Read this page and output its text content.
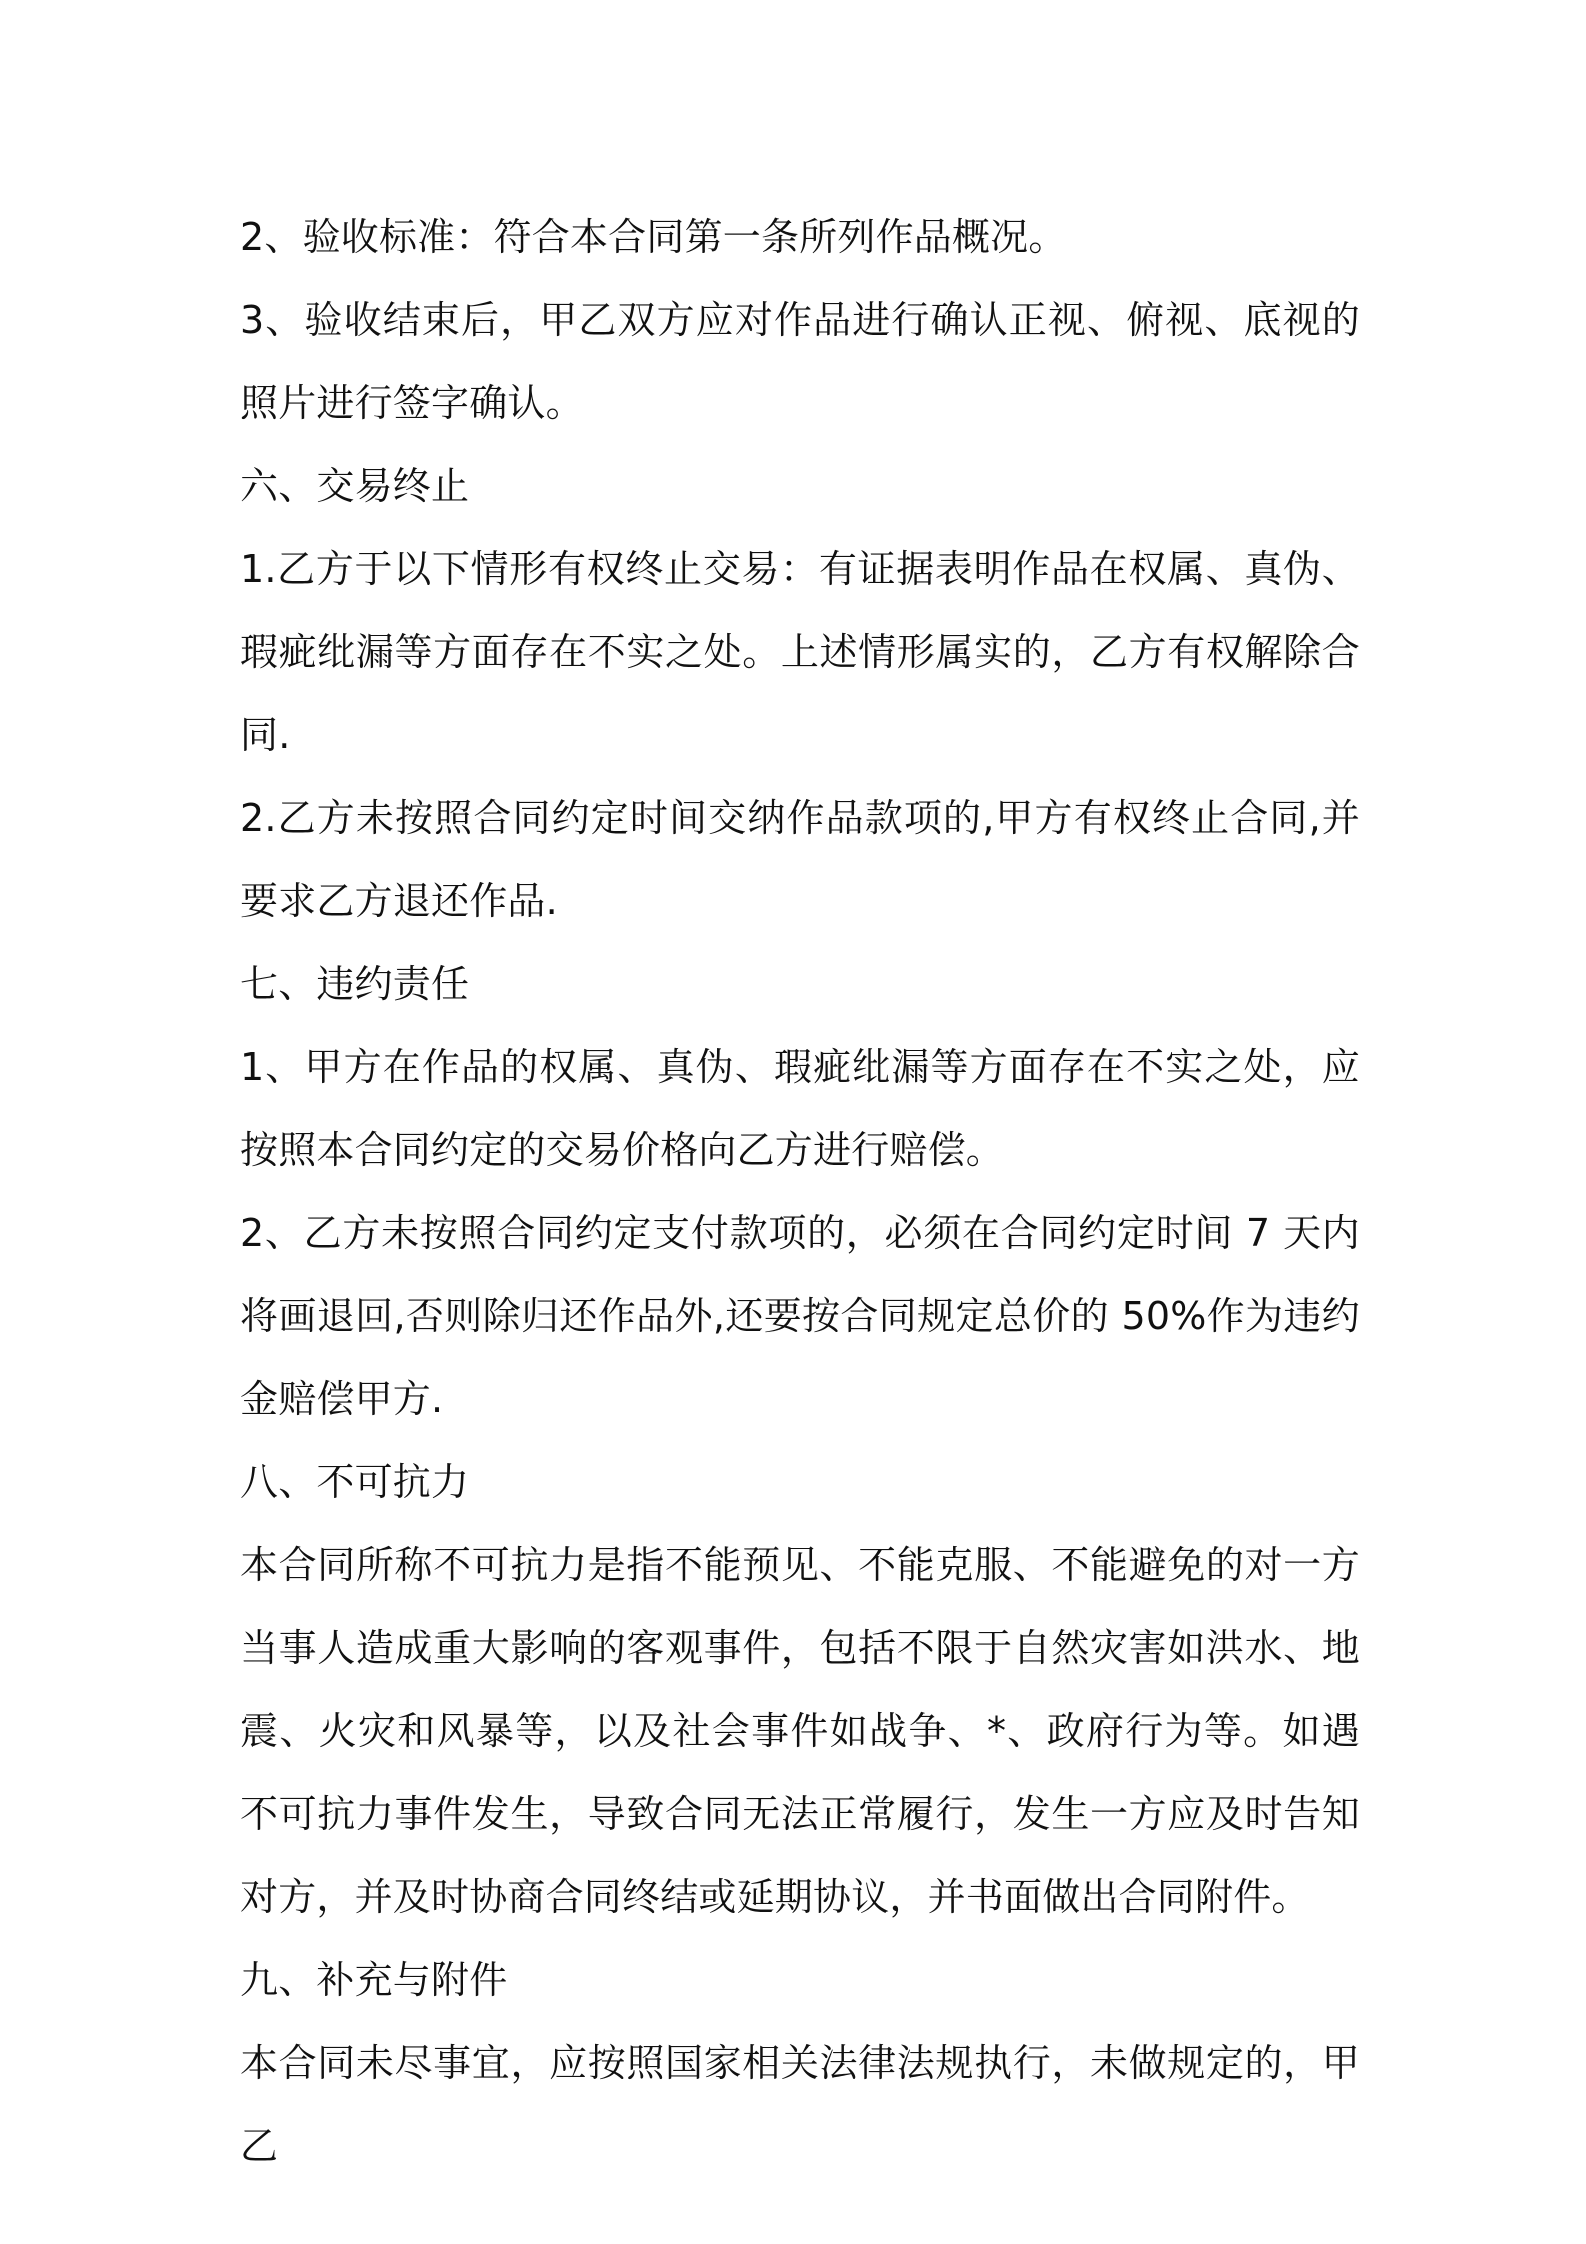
2、验收标准：符合本合同第一条所列作品概况。

3、验收结束后，甲乙双方应对作品进行确认正视、俯视、底视的照片进行签字确认。

六、交易终止

1.乙方于以下情形有权终止交易：有证据表明作品在权属、真伪、瑕疵纰漏等方面存在不实之处。上述情形属实的，乙方有权解除合同.

2.乙方未按照合同约定时间交纳作品款项的,甲方有权终止合同,并要求乙方退还作品.

七、违约责任

1、甲方在作品的权属、真伪、瑕疵纰漏等方面存在不实之处，应按照本合同约定的交易价格向乙方进行赔偿。

2、乙方未按照合同约定支付款项的，必须在合同约定时间 7 天内将画退回,否则除归还作品外,还要按合同规定总价的 50%作为违约金赔偿甲方.

八、不可抗力

本合同所称不可抗力是指不能预见、不能克服、不能避免的对一方当事人造成重大影响的客观事件，包括不限于自然灾害如洪水、地震、火灾和风暴等，以及社会事件如战争、*、政府行为等。如遇不可抗力事件发生，导致合同无法正常履行，发生一方应及时告知对方，并及时协商合同终结或延期协议，并书面做出合同附件。

九、补充与附件

本合同未尽事宜，应按照国家相关法律法规执行，未做规定的，甲乙
